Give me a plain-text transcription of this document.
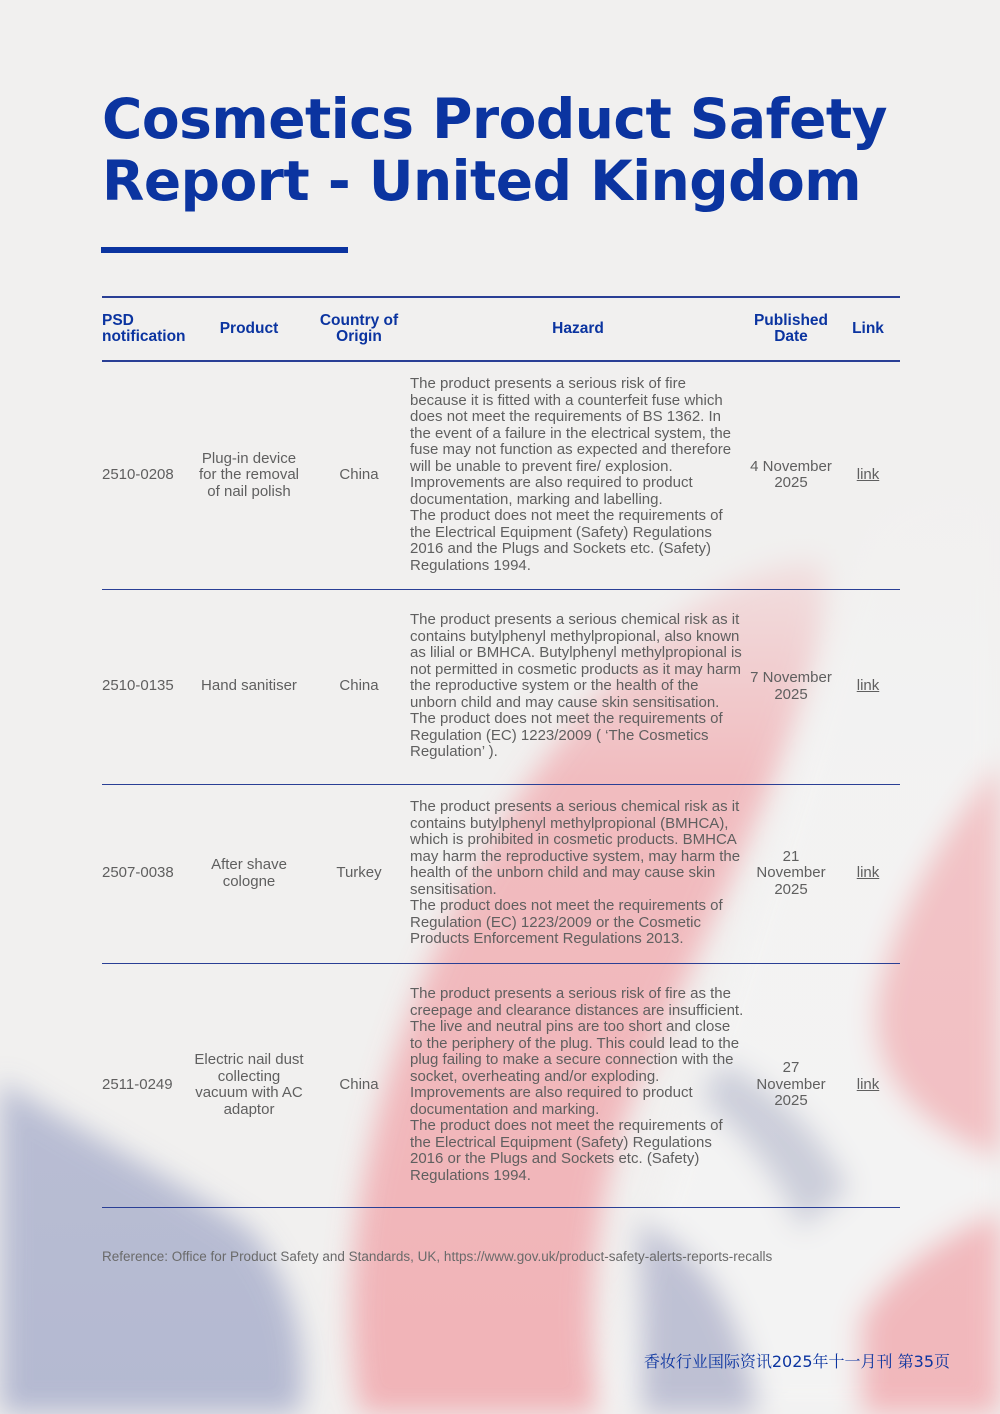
Cosmetics Product Safety Report - United Kingdom
PSD notification	Product	Country of Origin	Hazard	Published Date	Link
2510-0208	Plug-in device for the removal of nail polish	China	The product presents a serious risk of fire because it is fitted with a counterfeit fuse which does not meet the requirements of BS 1362. In the event of a failure in the electrical system, the fuse may not function as expected and therefore will be unable to prevent fire/ explosion. Improvements are also required to product documentation, marking and labelling.
The product does not meet the requirements of the Electrical Equipment (Safety) Regulations 2016 and the Plugs and Sockets etc. (Safety) Regulations 1994.	4 November 2025	link
2510-0135	Hand sanitiser	China	The product presents a serious chemical risk as it contains butylphenyl methylpropional, also known as lilial or BMHCA. Butylphenyl methylpropional is not permitted in cosmetic products as it may harm the reproductive system or the health of the unborn child and may cause skin sensitisation.
The product does not meet the requirements of Regulation (EC) 1223/2009 ( ‘The Cosmetics Regulation’ ).	7 November 2025	link
2507-0038	After shave cologne	Turkey	The product presents a serious chemical risk as it contains butylphenyl methylpropional (BMHCA), which is prohibited in cosmetic products. BMHCA may harm the reproductive system, may harm the health of the unborn child and may cause skin sensitisation.
The product does not meet the requirements of Regulation (EC) 1223/2009 or the Cosmetic Products Enforcement Regulations 2013.	21 November 2025	link
2511-0249	Electric nail dust collecting vacuum with AC adaptor	China	The product presents a serious risk of fire as the creepage and clearance distances are insufficient. The live and neutral pins are too short and close to the periphery of the plug. This could lead to the plug failing to make a secure connection with the socket, overheating and/or exploding. Improvements are also required to product documentation and marking.
The product does not meet the requirements of the Electrical Equipment (Safety) Regulations 2016 or the Plugs and Sockets etc. (Safety) Regulations 1994.	27 November 2025	link
Reference: Office for Product Safety and Standards, UK, https://www.gov.uk/product-safety-alerts-reports-recalls
香妆行业国际资讯2025年十一月刊 第35页
